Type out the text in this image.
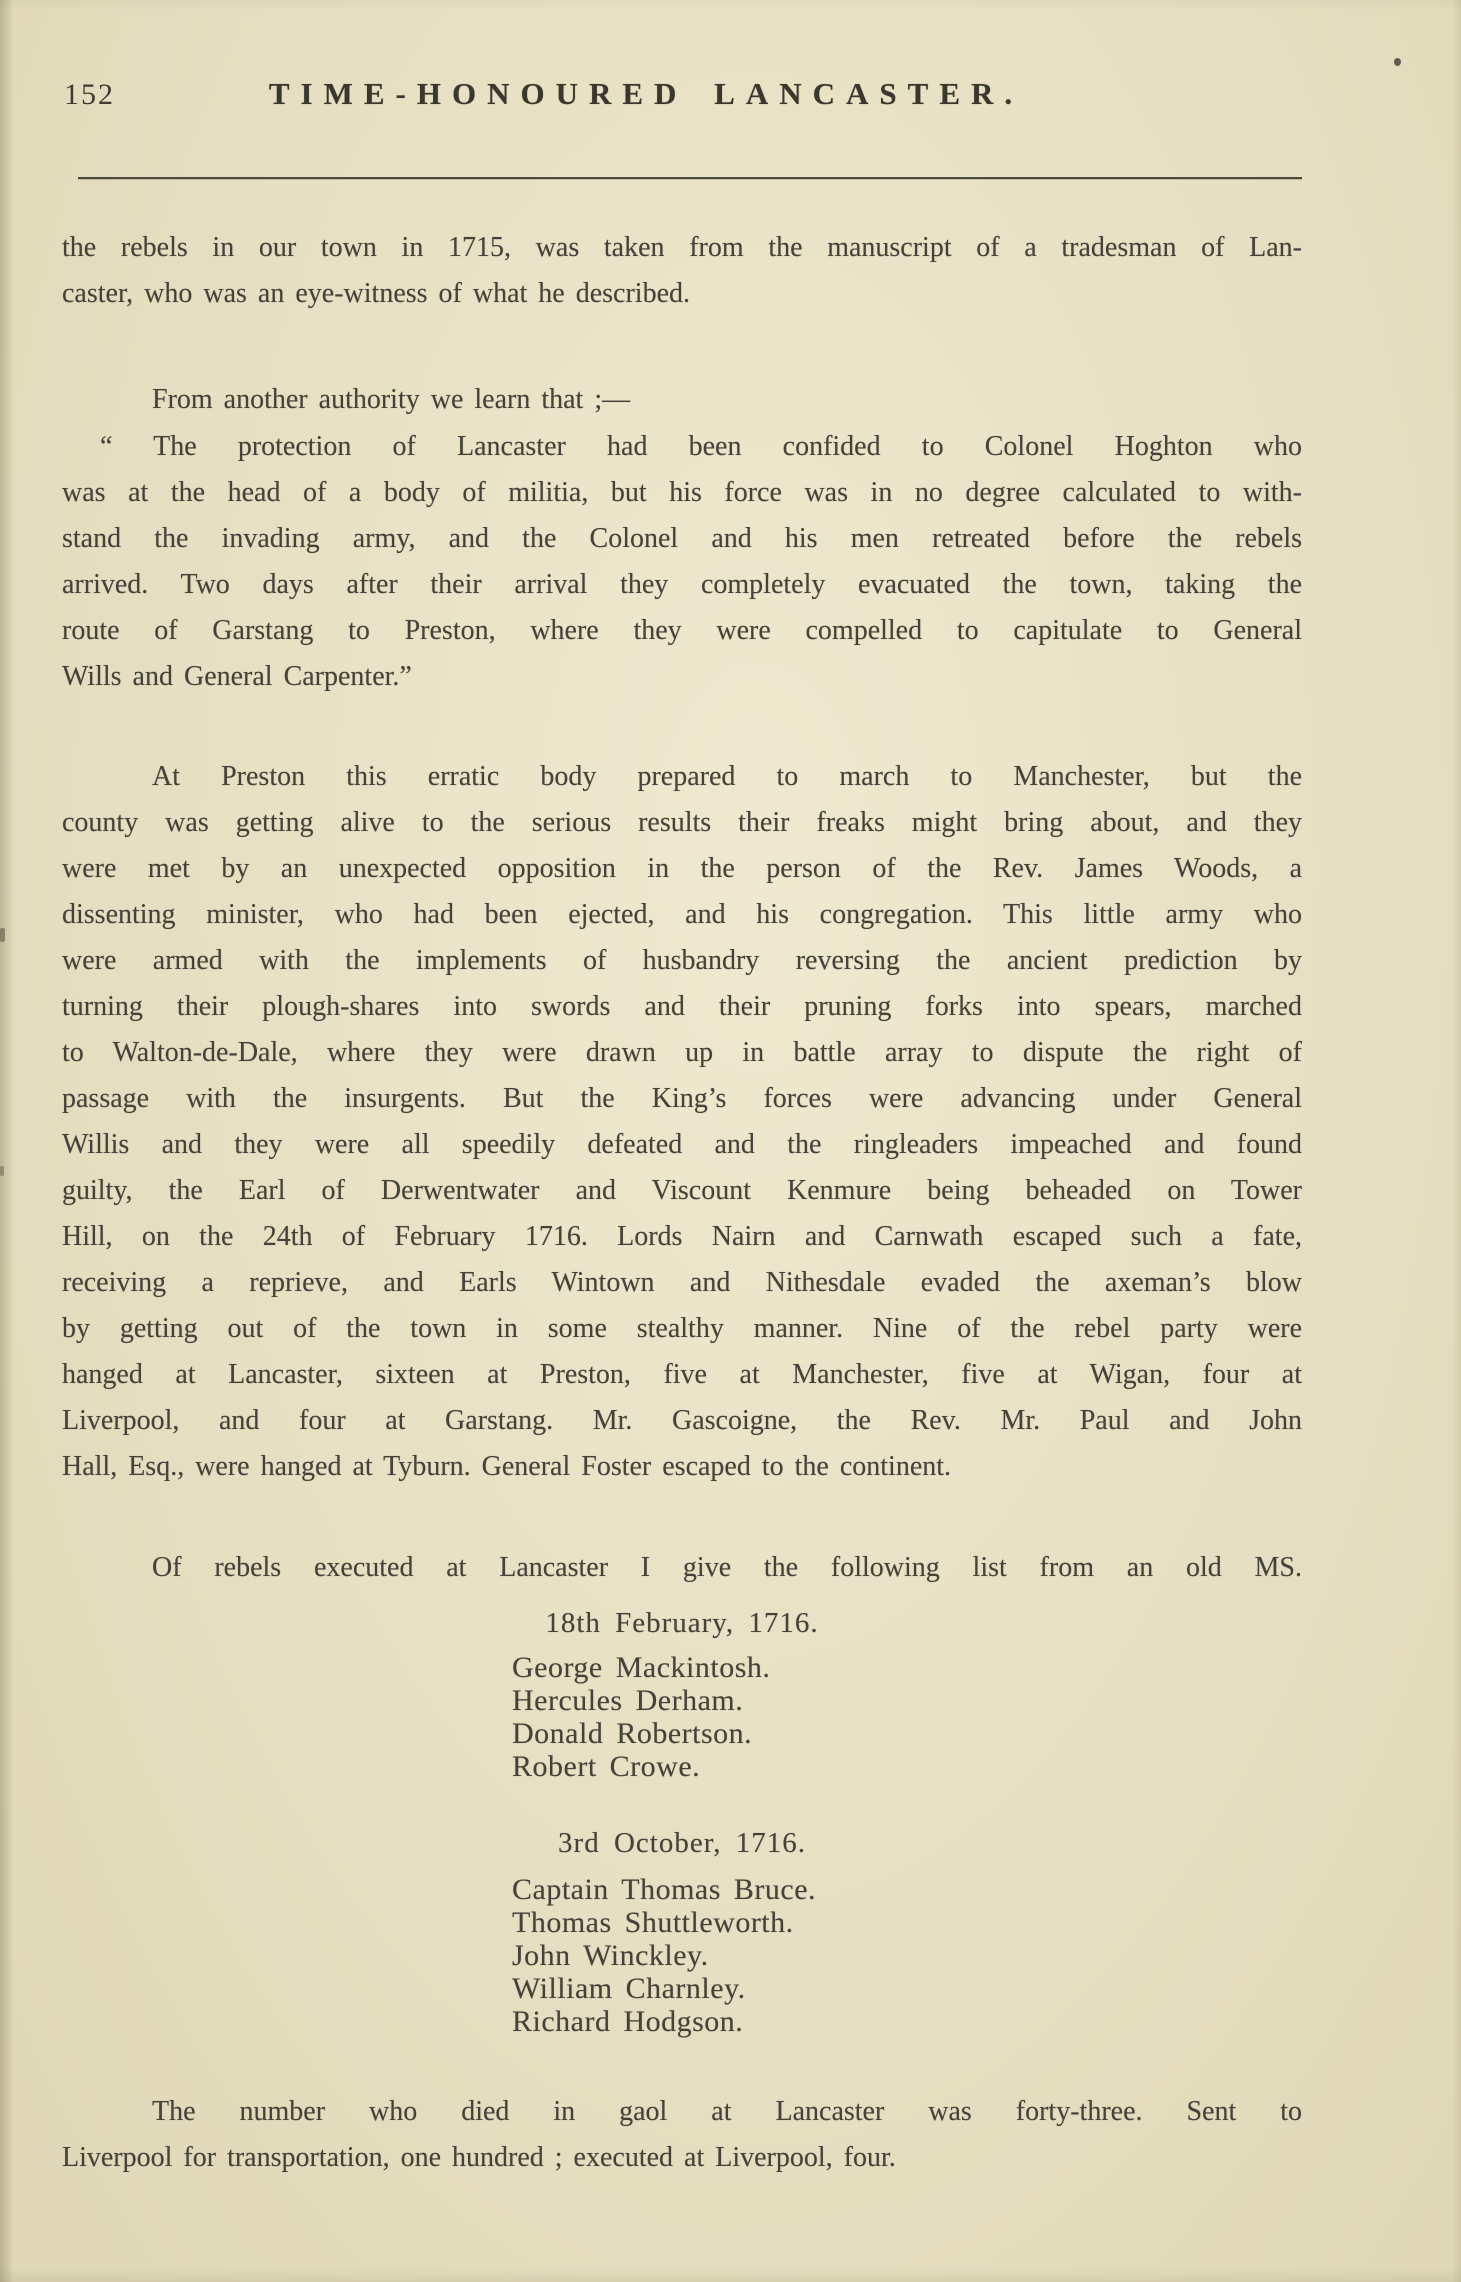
152	TIME-HONOURED LANCASTER.
the rebels in our town in 1715, was taken from the manuscript of a tradesman of Lan-
caster, who was an eye-witness of what he described.
From another authority we learn that ;—
“ The protection of Lancaster had been confided to Colonel Hoghton who
was at the head of a body of militia, but his force was in no degree calculated to with-
stand the invading army, and the Colonel and his men retreated before the rebels
arrived. Two days after their arrival they completely evacuated the town, taking the
route of Garstang to Preston, where they were compelled to capitulate to General
Wills and General Carpenter.”
At Preston this erratic body prepared to march to Manchester, but the
county was getting alive to the serious results their freaks might bring about, and they
were met by an unexpected opposition in the person of the Rev. James Woods, a
dissenting minister, who had been ejected, and his congregation. This little army who
were armed with the implements of husbandry reversing the ancient prediction by
turning their plough-shares into swords and their pruning forks into spears, marched
to Walton-de-Dale, where they were drawn up in battle array to dispute the right of
passage with the insurgents. But the King’s forces were advancing under General
Willis and they were all speedily defeated and the ringleaders impeached and found
guilty, the Earl of Derwentwater and Viscount Kenmure being beheaded on Tower
Hill, on the 24th of February 1716. Lords Nairn and Carnwath escaped such a fate,
receiving a reprieve, and Earls Wintown and Nithesdale evaded the axeman’s blow
by getting out of the town in some stealthy manner. Nine of the rebel party were
hanged at Lancaster, sixteen at Preston, five at Manchester, five at Wigan, four at
Liverpool, and four at Garstang. Mr. Gascoigne, the Rev. Mr. Paul and John
Hall, Esq., were hanged at Tyburn. General Foster escaped to the continent.
Of rebels executed at Lancaster I give the following list from an old MS.
18th February, 1716.
George Mackintosh.
Hercules Derham.
Donald Robertson.
Robert Crowe.
3rd October, 1716.
Captain Thomas Bruce.
Thomas Shuttleworth.
John Winckley.
William Charnley.
Richard Hodgson.
The number who died in gaol at Lancaster was forty-three. Sent to
Liverpool for transportation, one hundred ; executed at Liverpool, four.
